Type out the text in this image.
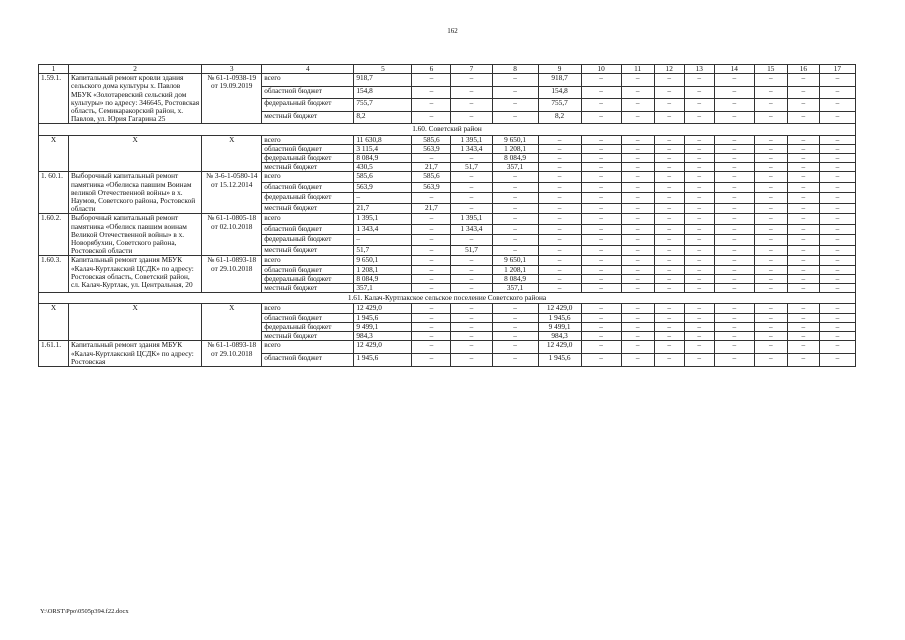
162
1	2	3	4	5	6	7	8	9	10	11	12	13	14	15	16	17
1.59.1.	Капитальный ремонт кровли здания сельского дома культуры х. Павлов МБУК «Золотаревский сельский дом культуры» по адресу: 346645, Ростовская область, Семикаракорский район, х. Павлов, ул. Юрия Гагарина 25	№ 61-1-0938-19 от 19.09.2019	всего	918,7	–	–	–	918,7	–	–	–	–	–	–	–	–
			областной бюджет	154,8	–	–	–	154,8	–	–	–	–	–	–	–	–
			федеральный бюджет	755,7	–	–	–	755,7	–	–	–	–	–	–	–	–
			местный бюджет	8,2	–	–	–	8,2	–	–	–	–	–	–	–	–
1.60. Советский район																
Х	Х	Х	всего	11 630,8	585,6	1 395,1	9 650,1	–	–	–	–	–	–	–	–	–
			областной бюджет	3 115,4	563,9	1 343,4	1 208,1	–	–	–	–	–	–	–	–	–
			федеральный бюджет	8 084,9	–	–	8 084,9	–	–	–	–	–	–	–	–	–
			местный бюджет	430,5	21,7	51,7	357,1	–	–	–	–	–	–	–	–	–
1. 60.1.	Выборочный капитальный ремонт памятника «Обелиска павшим Воинам великой Отечественной войны» в х. Наумов, Советского района, Ростовской области	№ 3-6-1-0580-14 от 15.12.2014	всего	585,6	585,6	–	–	–	–	–	–	–	–	–	–	–
			областной бюджет	563,9	563,9	–	–	–	–	–	–	–	–	–	–	–
			федеральный бюджет	–	–	–	–	–	–	–	–	–	–	–	–	–
			местный бюджет	21,7	21,7	–	–	–	–	–	–	–	–	–	–	–
1.60.2.	Выборочный капитальный ремонт памятника «Обелиск павшим воинам Великой Отечественной войны» в х. Новорябухин, Советского района, Ростовской области	№ 61-1-0805-18 от 02.10.2018	всего	1 395,1	–	1 395,1	–	–	–	–	–	–	–	–	–	–
			областной бюджет	1 343,4	–	1 343,4	–	–	–	–	–	–	–	–	–	–
			федеральный бюджет	–	–	–	–	–	–	–	–	–	–	–	–	–
			местный бюджет	51,7	–	51,7	–	–	–	–	–	–	–	–	–	–
1.60.3.	Капитальный ремонт здания МБУК «Калач-Куртлакский ЦСДК» по адресу: Ростовская область, Советский район, сл. Калач-Куртлак, ул. Центральная, 20	№ 61-1-0893-18 от 29.10.2018	всего	9 650,1	–	–	9 650,1	–	–	–	–	–	–	–	–	–
			областной бюджет	1 208,1	–	–	1 208,1	–	–	–	–	–	–	–	–	–
			федеральный бюджет	8 084,9	–	–	8 084,9	–	–	–	–	–	–	–	–	–
			местный бюджет	357,1	–	–	357,1	–	–	–	–	–	–	–	–	–
1.61. Калач-Куртлакское сельское поселение Советского района																
Х	Х	Х	всего	12 429,0	–	–	–	12 429,0	–	–	–	–	–	–	–	–
			областной бюджет	1 945,6	–	–	–	1 945,6	–	–	–	–	–	–	–	–
			федеральный бюджет	9 499,1	–	–	–	9 499,1	–	–	–	–	–	–	–	–
			местный бюджет	984,3	–	–	–	984,3	–	–	–	–	–	–	–	–
1.61.1.	Капитальный ремонт здания МБУК «Калач-Куртлакский ЦСДК» по адресу: Ростовская	№ 61-1-0893-18 от 29.10.2018	всего	12 429,0	–	–	–	12 429,0	–	–	–	–	–	–	–	–
			областной бюджет	1 945,6	–	–	–	1 945,6	–	–	–	–	–	–	–	–
Y:\ORST\Ppo\0505p394.f22.docx
